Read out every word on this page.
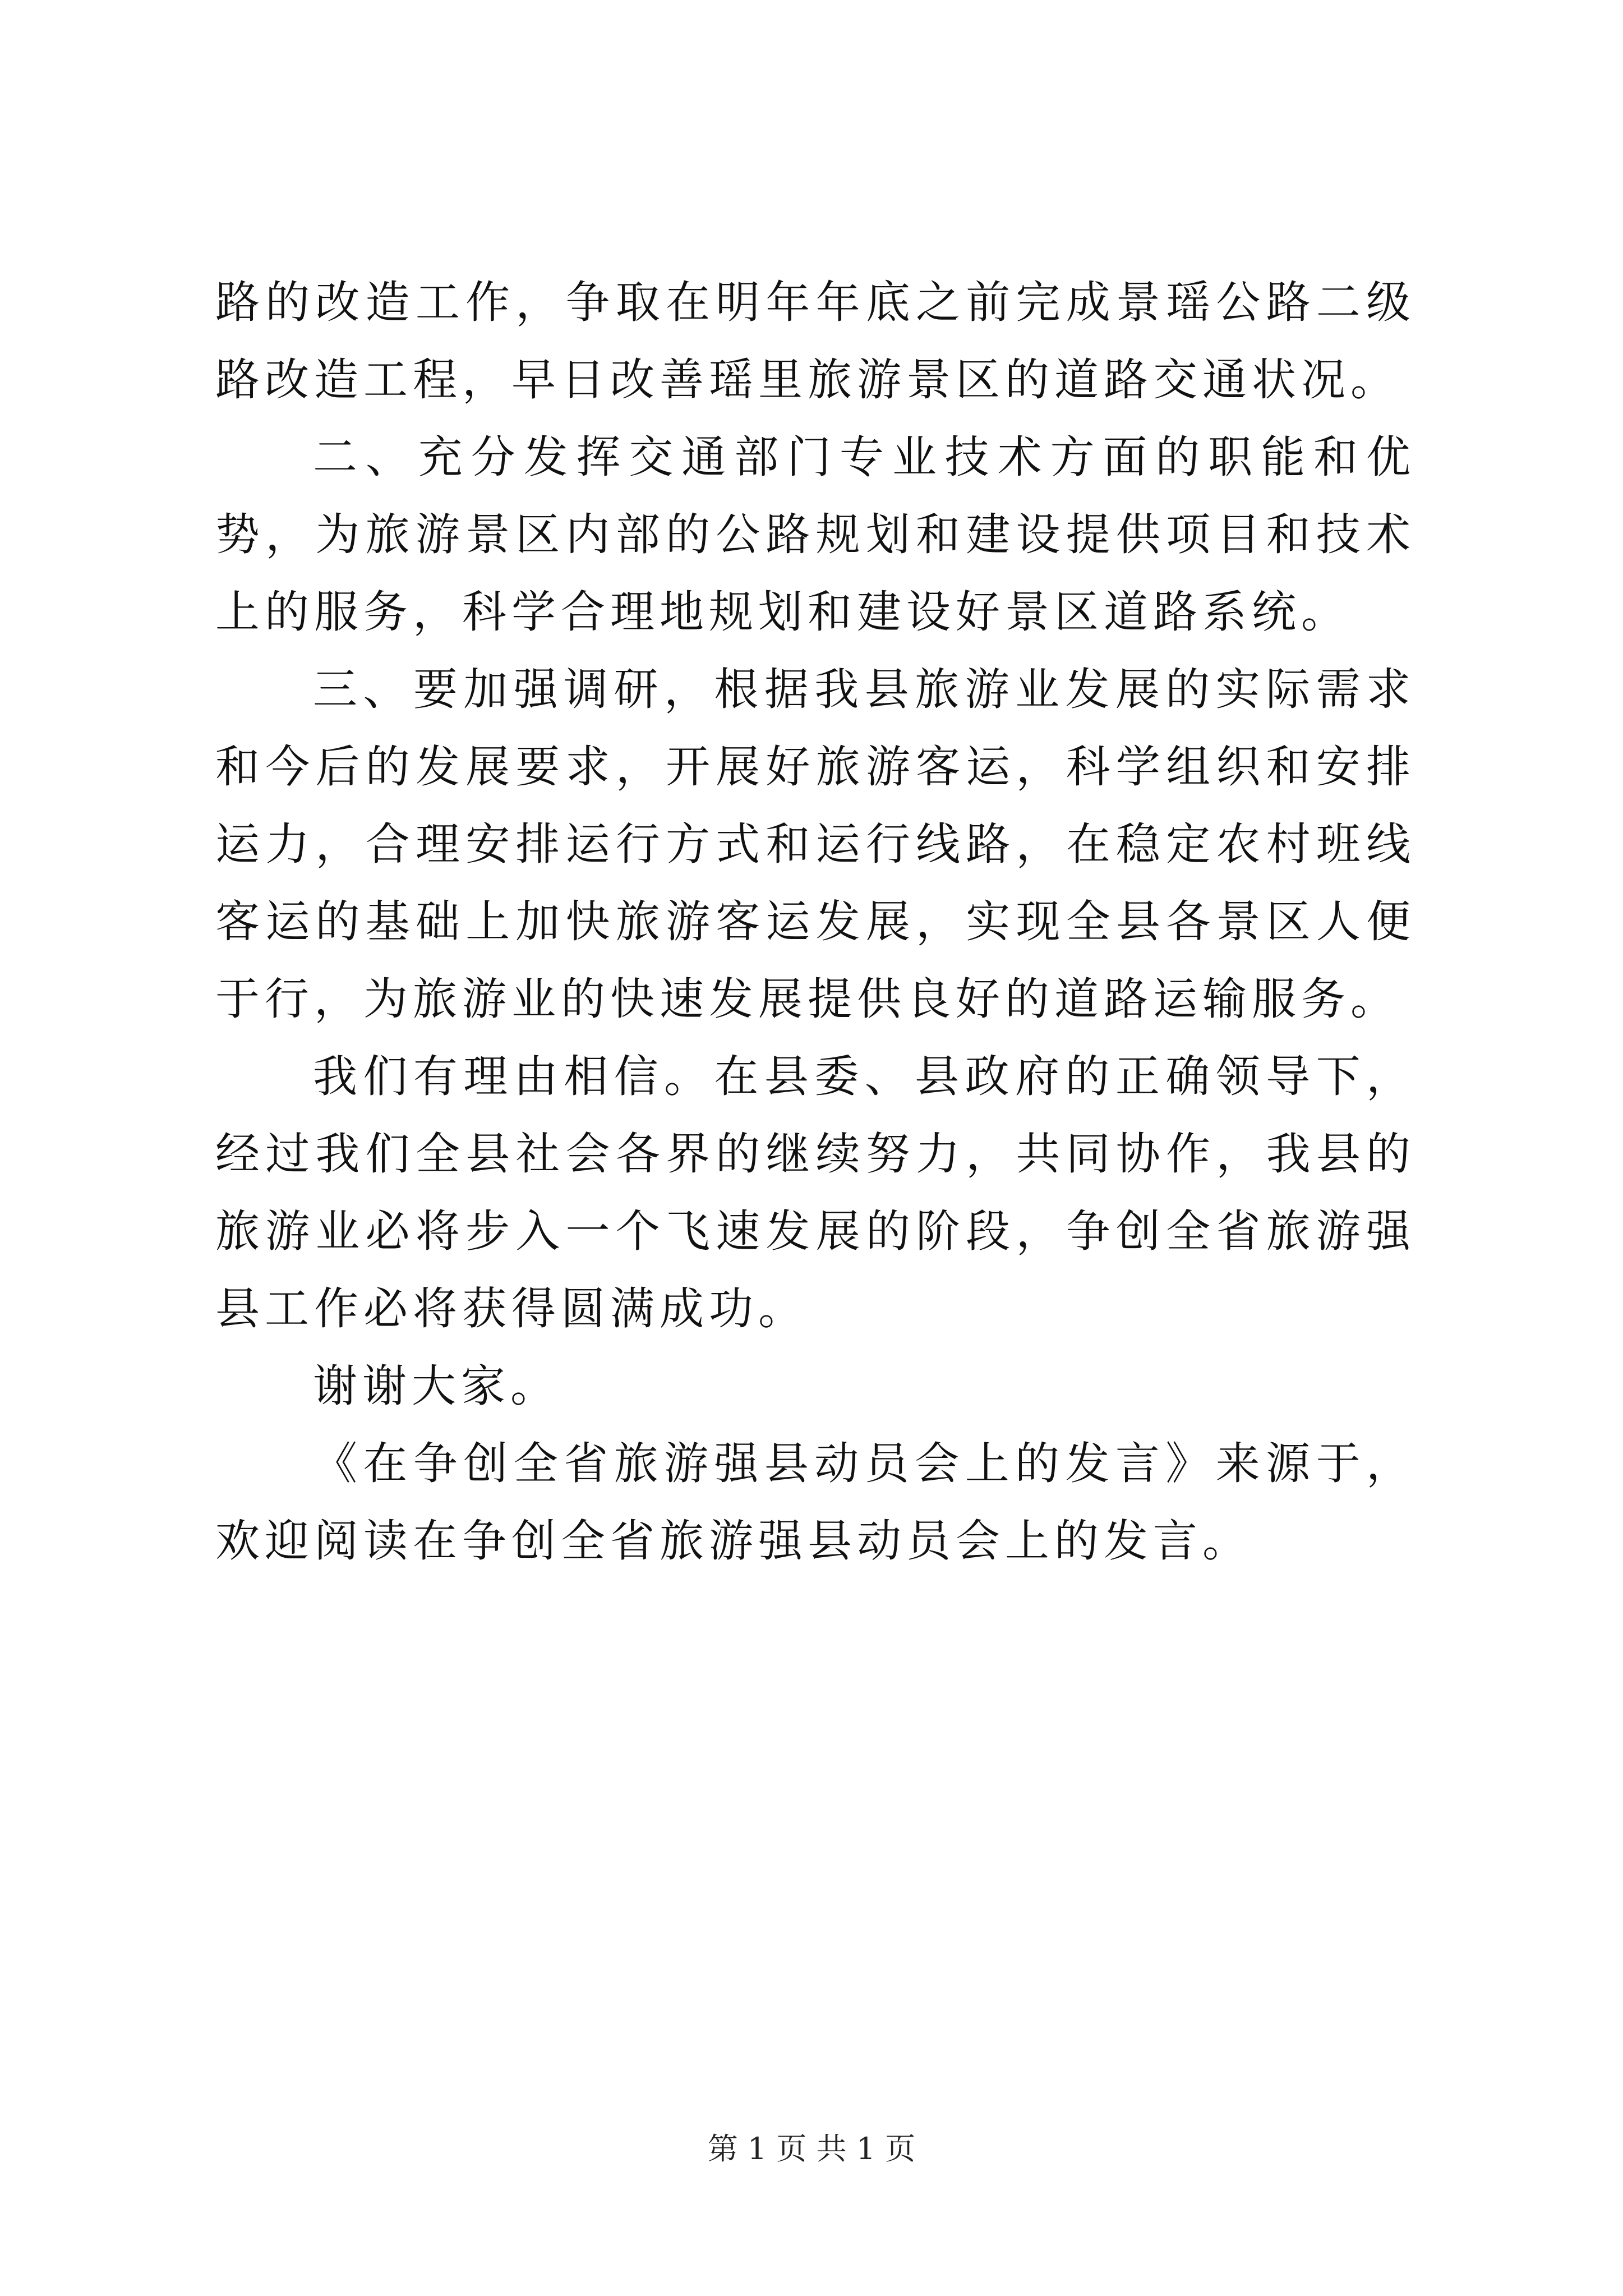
路的改造工作，争取在明年年底之前完成景瑶公路二级路改造工程，早日改善瑶里旅游景区的道路交通状况。

二、充分发挥交通部门专业技术方面的职能和优势，为旅游景区内部的公路规划和建设提供项目和技术上的服务，科学合理地规划和建设好景区道路系统。

三、要加强调研，根据我县旅游业发展的实际需求和今后的发展要求，开展好旅游客运，科学组织和安排运力，合理安排运行方式和运行线路，在稳定农村班线客运的基础上加快旅游客运发展，实现全县各景区人便于行，为旅游业的快速发展提供良好的道路运输服务。

我们有理由相信。在县委、县政府的正确领导下，经过我们全县社会各界的继续努力，共同协作，我县的旅游业必将步入一个飞速发展的阶段，争创全省旅游强县工作必将获得圆满成功。

谢谢大家。

《在争创全省旅游强县动员会上的发言》来源于，欢迎阅读在争创全省旅游强县动员会上的发言。

第 1 页 共 1 页
